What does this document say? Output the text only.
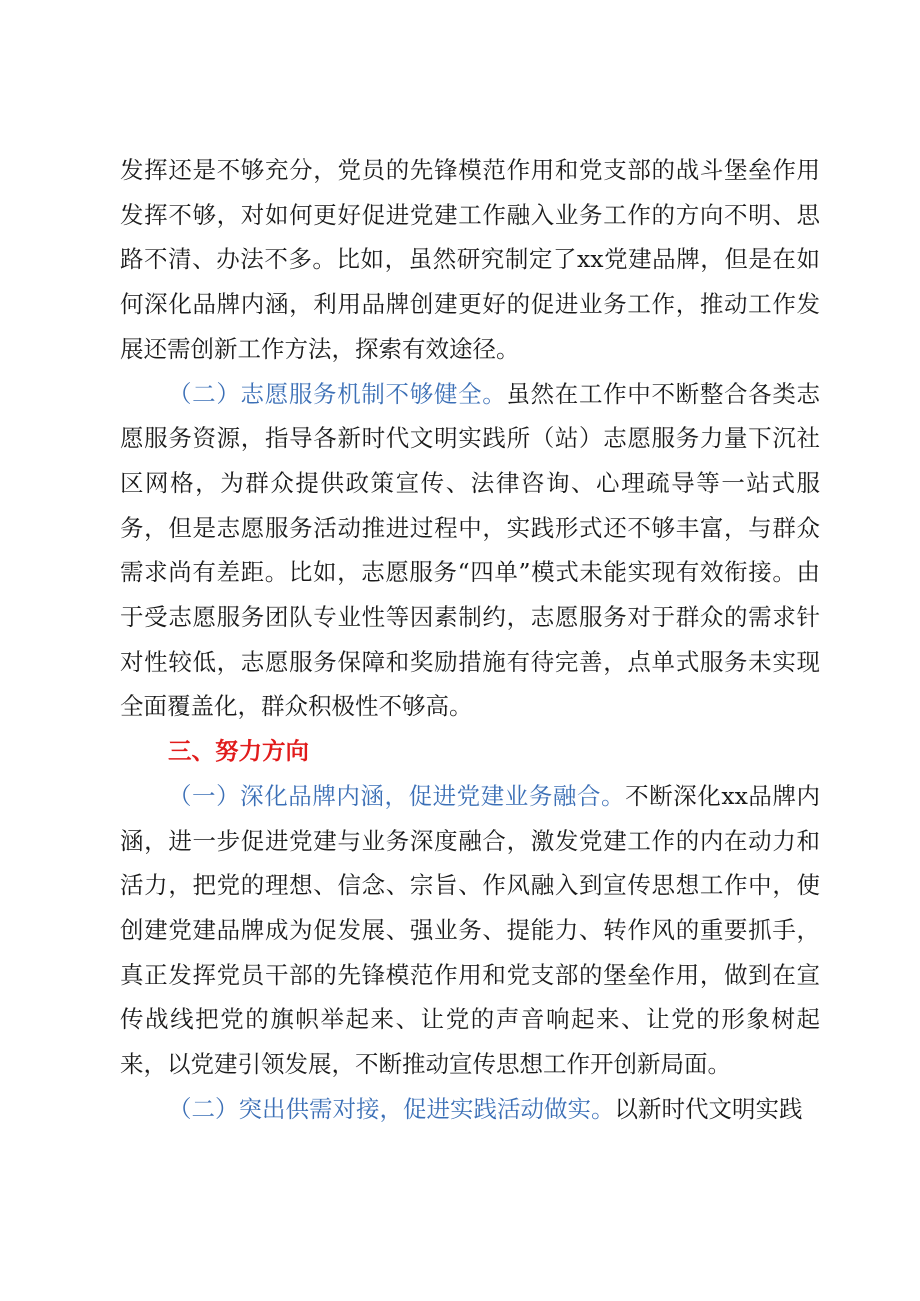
发挥还是不够充分，党员的先锋模范作用和党支部的战斗堡垒作用发挥不够，对如何更好促进党建工作融入业务工作的方向不明、思路不清、办法不多。比如，虽然研究制定了xx党建品牌，但是在如何深化品牌内涵，利用品牌创建更好的促进业务工作，推动工作发展还需创新工作方法，探索有效途径。

（二）志愿服务机制不够健全。虽然在工作中不断整合各类志愿服务资源，指导各新时代文明实践所（站）志愿服务力量下沉社区网格，为群众提供政策宣传、法律咨询、心理疏导等一站式服务，但是志愿服务活动推进过程中，实践形式还不够丰富，与群众需求尚有差距。比如，志愿服务“四单”模式未能实现有效衔接。由于受志愿服务团队专业性等因素制约，志愿服务对于群众的需求针对性较低，志愿服务保障和奖励措施有待完善，点单式服务未实现全面覆盖化，群众积极性不够高。

三、努力方向

（一）深化品牌内涵，促进党建业务融合。不断深化xx品牌内涵，进一步促进党建与业务深度融合，激发党建工作的内在动力和活力，把党的理想、信念、宗旨、作风融入到宣传思想工作中，使创建党建品牌成为促发展、强业务、提能力、转作风的重要抓手，真正发挥党员干部的先锋模范作用和党支部的堡垒作用，做到在宣传战线把党的旗帜举起来、让党的声音响起来、让党的形象树起来，以党建引领发展，不断推动宣传思想工作开创新局面。

（二）突出供需对接，促进实践活动做实。以新时代文明实践
